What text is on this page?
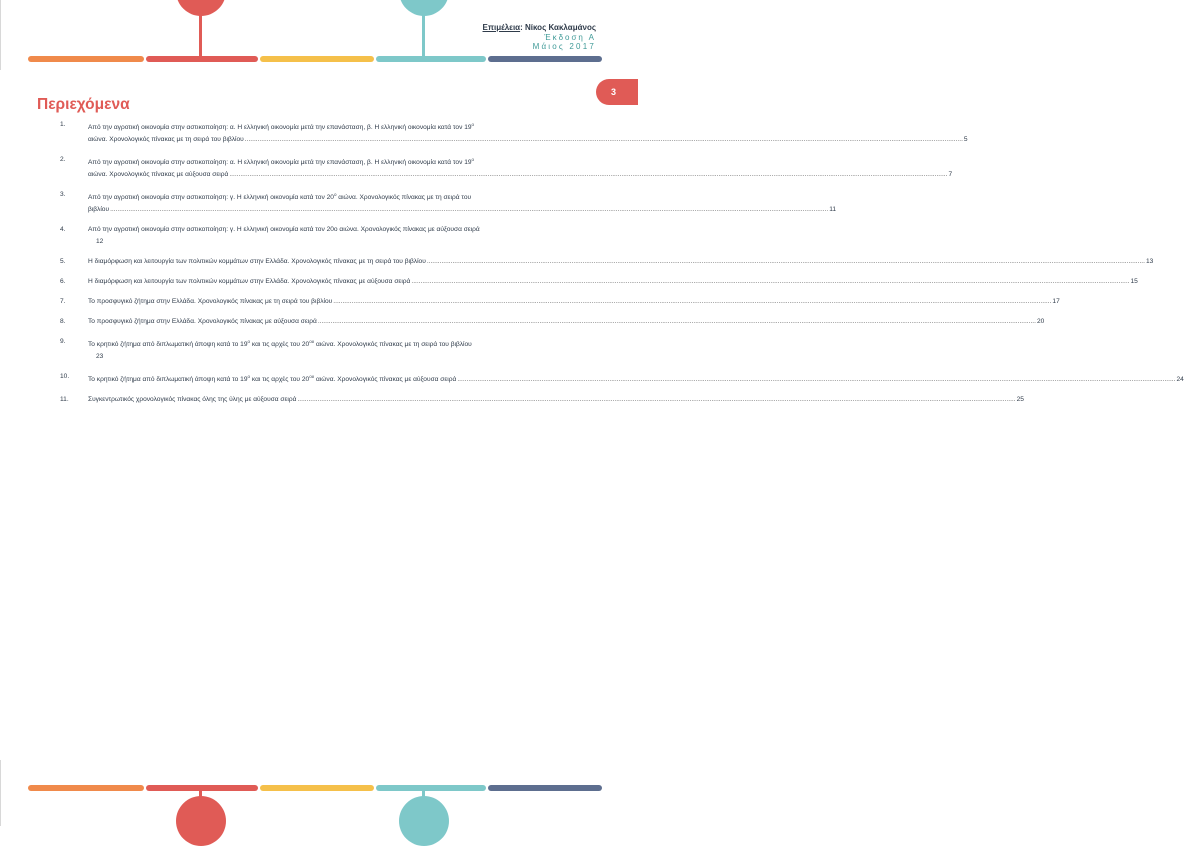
Επιμέλεια: Νίκος Κακλαμάνος
Έκδοση Α
Μάιος 2017
3
Περιεχόμενα
1.	Από την αγροτική οικονομία στην αστικοποίηση: α. Η ελληνική οικονομία μετά την επανάσταση, β. Η ελληνική οικονομία κατά τον $19^o$
αιώνα. Χρονολογικός πίνακας με τη σειρά του βιβλίου .....	5
2.	Από την αγροτική οικονομία στην αστικοποίηση: α. Η ελληνική οικονομία μετά την επανάσταση, β. Η ελληνική οικονομία κατά τον $19^o$
αιώνα. Χρονολογικός πίνακας με αύξουσα σειρά .....	7
3.	Από την αγροτική οικονομία στην αστικοποίηση: γ. Η ελληνική οικονομία κατά τον $20^o$ αιώνα. Χρονολογικός πίνακας με τη σειρά του
βιβλίου .....	11
4.	Από την αγροτική οικονομία στην αστικοποίηση: γ. Η ελληνική οικονομία κατά τον 20ο αιώνα. Χρονολογικός πίνακας με αύξουσα σειρά
12
5.	Η διαμόρφωση και λειτουργία των πολιτικών κομμάτων στην Ελλάδα. Χρονολογικός πίνακας με τη σειρά του βιβλίου .....	13
6.	Η διαμόρφωση και λειτουργία των πολιτικών κομμάτων στην Ελλάδα. Χρονολογικός πίνακας με αύξουσα σειρά .....	15
7.	Το προσφυγικό ζήτημα στην Ελλάδα. Χρονολογικός πίνακας με τη σειρά του βιβλίου .....	17
8.	Το προσφυγικό ζήτημα στην Ελλάδα. Χρονολογικός πίνακας με αύξουσα σειρά .....	20
9.	Το κρητικό ζήτημα από διπλωματική άποψη κατά το $19^o$ και τις αρχές του $20^{o\upsilon}$ αιώνα. Χρονολογικός πίνακας με τη σειρά του βιβλίου
23
10.	Το κρητικό ζήτημα από διπλωματική άποψη κατά το $19^o$ και τις αρχές του $20^{o\upsilon}$ αιώνα. Χρονολογικός πίνακας με αύξουσα σειρά .....	24
11.	Συγκεντρωτικός χρονολογικός πίνακας όλης της ύλης με αύξουσα σειρά .....	25
